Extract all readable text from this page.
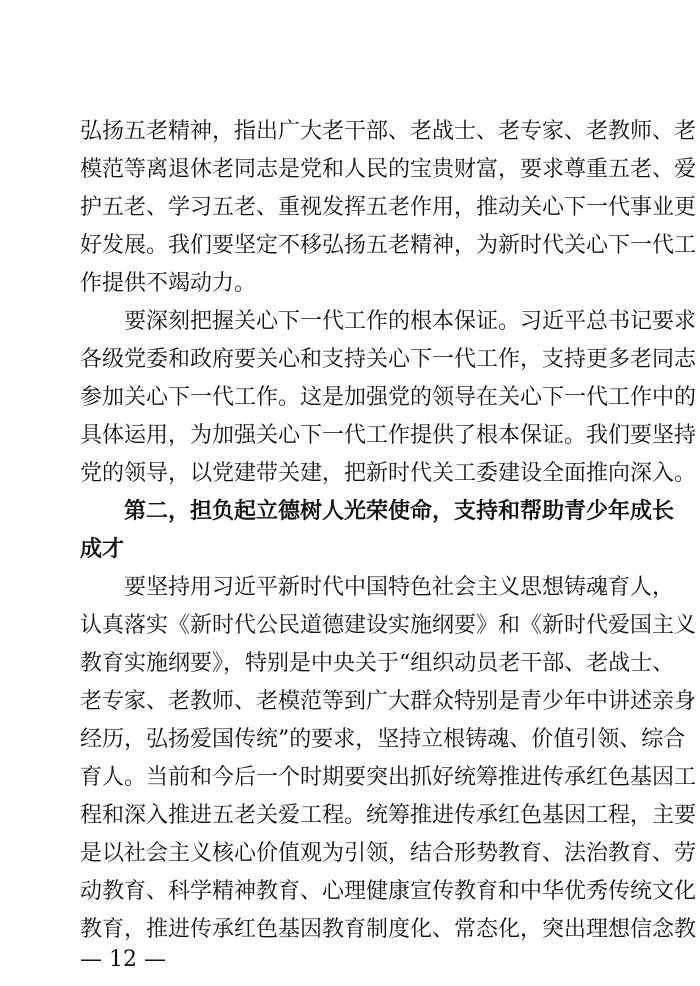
弘扬五老精神，指出广大老干部、老战士、老专家、老教师、老
模范等离退休老同志是党和人民的宝贵财富，要求尊重五老、爱
护五老、学习五老、重视发挥五老作用，推动关心下一代事业更
好发展。我们要坚定不移弘扬五老精神，为新时代关心下一代工
作提供不竭动力。
要深刻把握关心下一代工作的根本保证。习近平总书记要求
各级党委和政府要关心和支持关心下一代工作，支持更多老同志
参加关心下一代工作。这是加强党的领导在关心下一代工作中的
具体运用，为加强关心下一代工作提供了根本保证。我们要坚持
党的领导，以党建带关建，把新时代关工委建设全面推向深入。
第二，担负起立德树人光荣使命，支持和帮助青少年成长
成才
要坚持用习近平新时代中国特色社会主义思想铸魂育人，
认真落实《新时代公民道德建设实施纲要》和《新时代爱国主义
教育实施纲要》，特别是中央关于“组织动员老干部、老战士、
老专家、老教师、老模范等到广大群众特别是青少年中讲述亲身
经历，弘扬爱国传统”的要求，坚持立根铸魂、价值引领、综合
育人。当前和今后一个时期要突出抓好统筹推进传承红色基因工
程和深入推进五老关爱工程。统筹推进传承红色基因工程，主要
是以社会主义核心价值观为引领，结合形势教育、法治教育、劳
动教育、科学精神教育、心理健康宣传教育和中华优秀传统文化
教育，推进传承红色基因教育制度化、常态化，突出理想信念教
— 12 —
